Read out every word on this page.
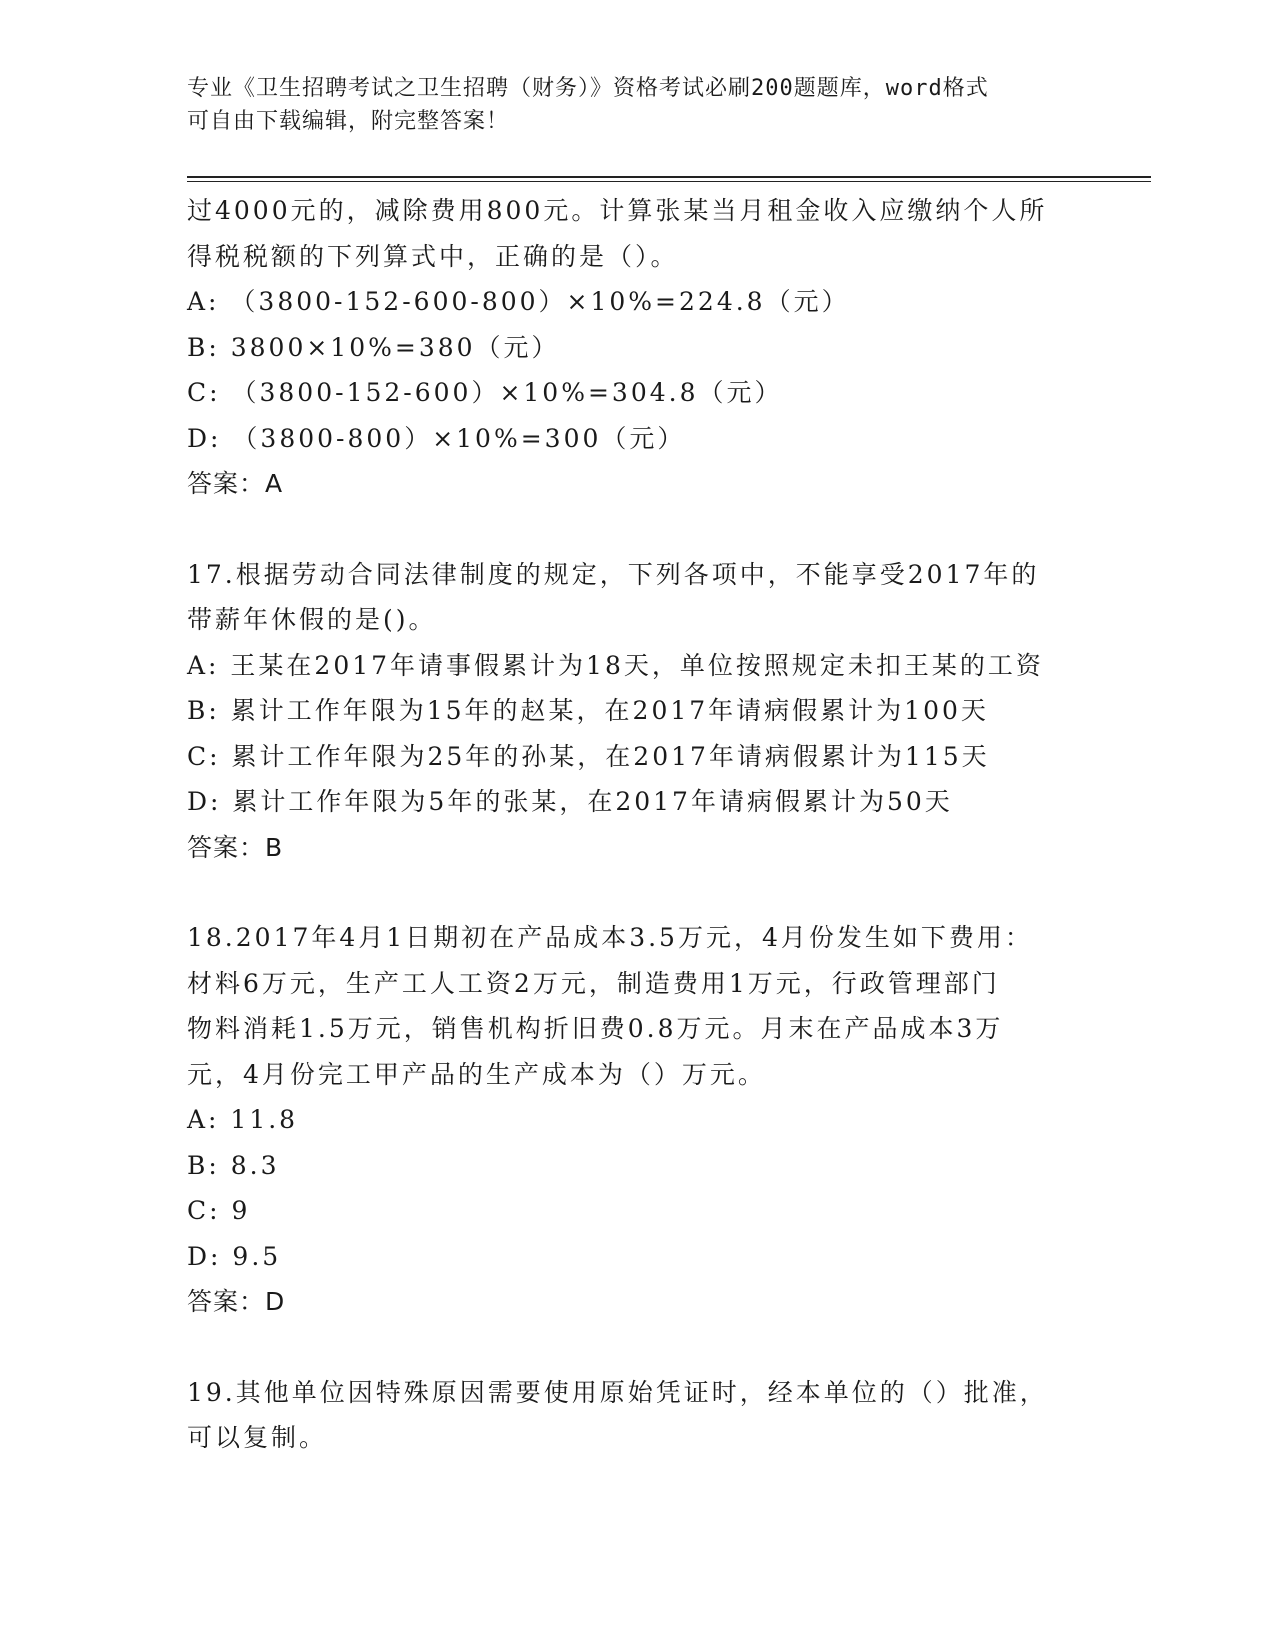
专业《卫生招聘考试之卫生招聘（财务）》资格考试必刷200题题库，word格式
可自由下载编辑，附完整答案！
过4000元的，减除费用800元。计算张某当月租金收入应缴纳个人所
得税税额的下列算式中，正确的是（）。
A: （3800-152-600-800）×10%=224.8（元）
B: 3800×10%=380（元）
C: （3800-152-600）×10%=304.8（元）
D: （3800-800）×10%=300（元）
答案：A
17.根据劳动合同法律制度的规定，下列各项中，不能享受2017年的
带薪年休假的是()。
A: 王某在2017年请事假累计为18天，单位按照规定未扣王某的工资
B: 累计工作年限为15年的赵某，在2017年请病假累计为100天
C: 累计工作年限为25年的孙某，在2017年请病假累计为115天
D: 累计工作年限为5年的张某，在2017年请病假累计为50天
答案：B
18.2017年4月1日期初在产品成本3.5万元，4月份发生如下费用：
材料6万元，生产工人工资2万元，制造费用1万元，行政管理部门
物料消耗1.5万元，销售机构折旧费0.8万元。月末在产品成本3万
元，4月份完工甲产品的生产成本为（）万元。
A: 11.8
B: 8.3
C: 9
D: 9.5
答案：D
19.其他单位因特殊原因需要使用原始凭证时，经本单位的（）批准，
可以复制。
